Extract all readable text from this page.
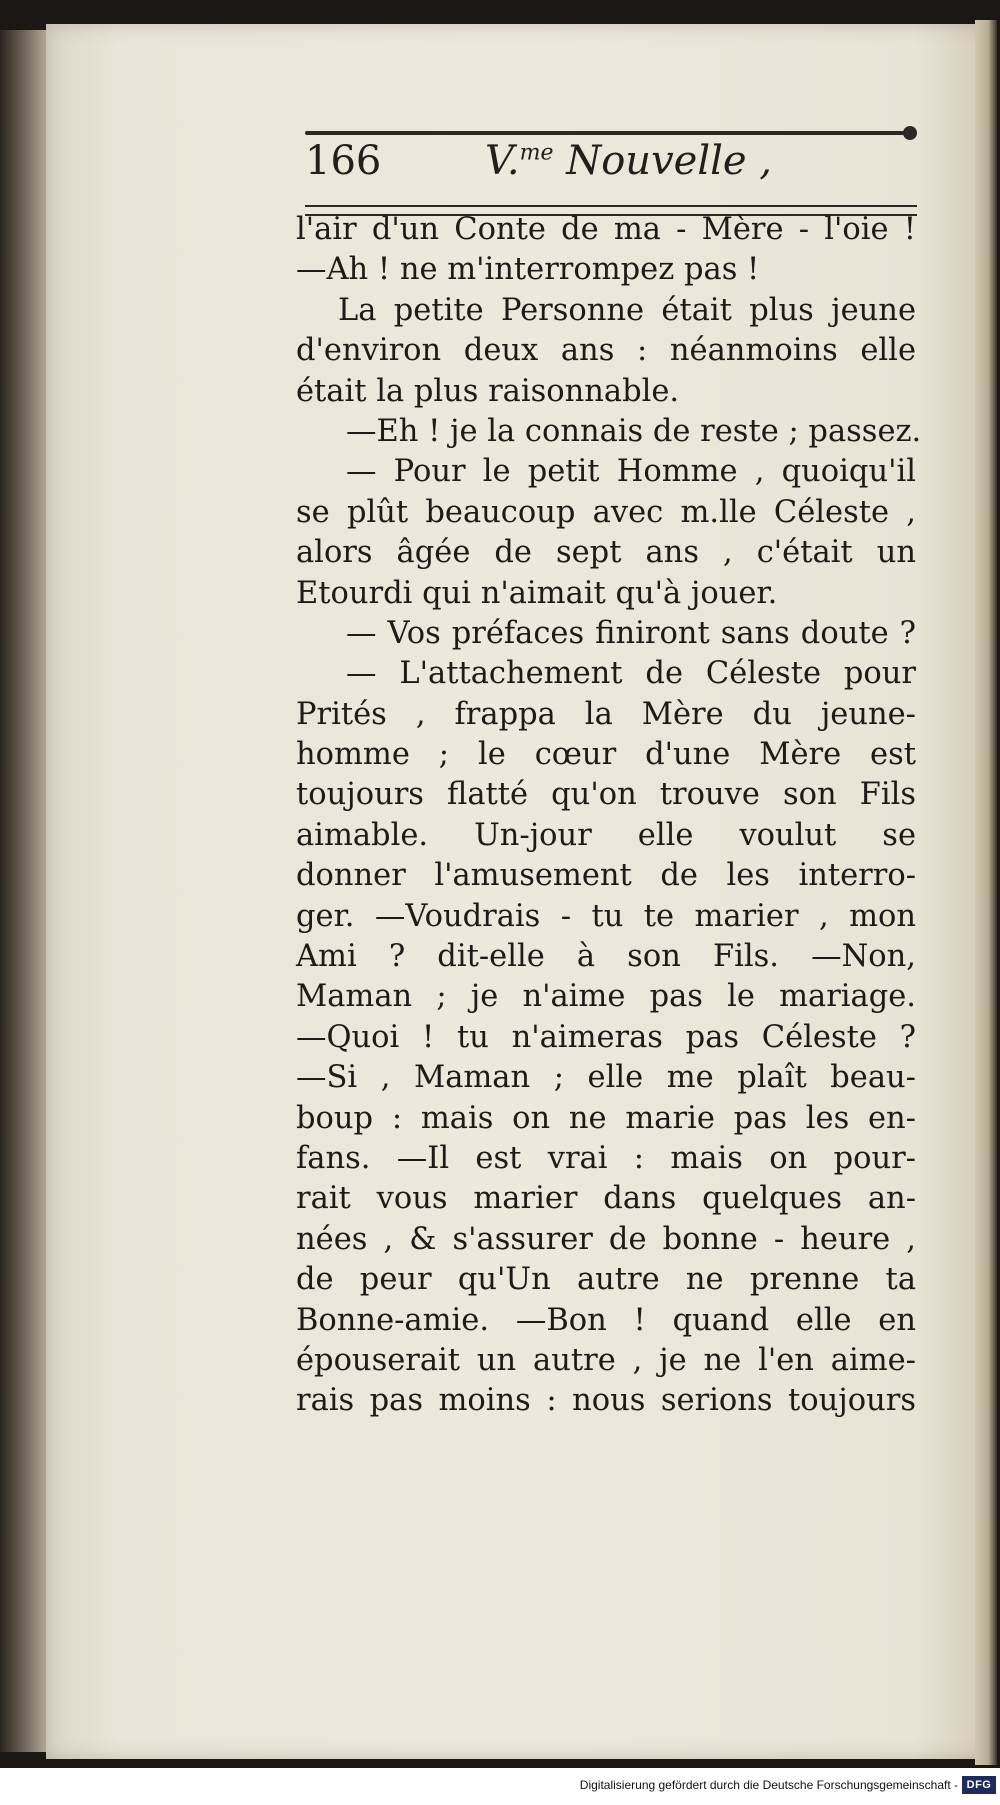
166	V.$^{me}$ Nouvelle ,
l'air d'un Conte de ma - Mère - l'oie !
—Ah ! ne m'interrompez pas !
La petite Personne était plus jeune
d'environ deux ans : néanmoins elle
était la plus raisonnable.
—Eh ! je la connais de reste ; passez.
— Pour le petit Homme , quoiqu'il
se plût beaucoup avec m.lle Céleste ,
alors âgée de sept ans , c'était un
Etourdi qui n'aimait qu'à jouer.
— Vos préfaces finiront sans doute ?
— L'attachement de Céleste pour
Prités , frappa la Mère du jeune-
homme ; le cœur d'une Mère est
toujours flatté qu'on trouve son Fils
aimable. Un-jour elle voulut se
donner l'amusement de les interro-
ger. —Voudrais - tu te marier , mon
Ami ? dit-elle à son Fils. —Non,
Maman ; je n'aime pas le mariage.
—Quoi ! tu n'aimeras pas Céleste ?
—Si , Maman ; elle me plaît beau-
boup : mais on ne marie pas les en-
fans. —Il est vrai : mais on pour-
rait vous marier dans quelques an-
nées , & s'assurer de bonne - heure ,
de peur qu'Un autre ne prenne ta
Bonne-amie. —Bon ! quand elle en
épouserait un autre , je ne l'en aime-
rais pas moins : nous serions toujours
Digitalisierung gefördert durch die Deutsche Forschungsgemeinschaft - DFG
